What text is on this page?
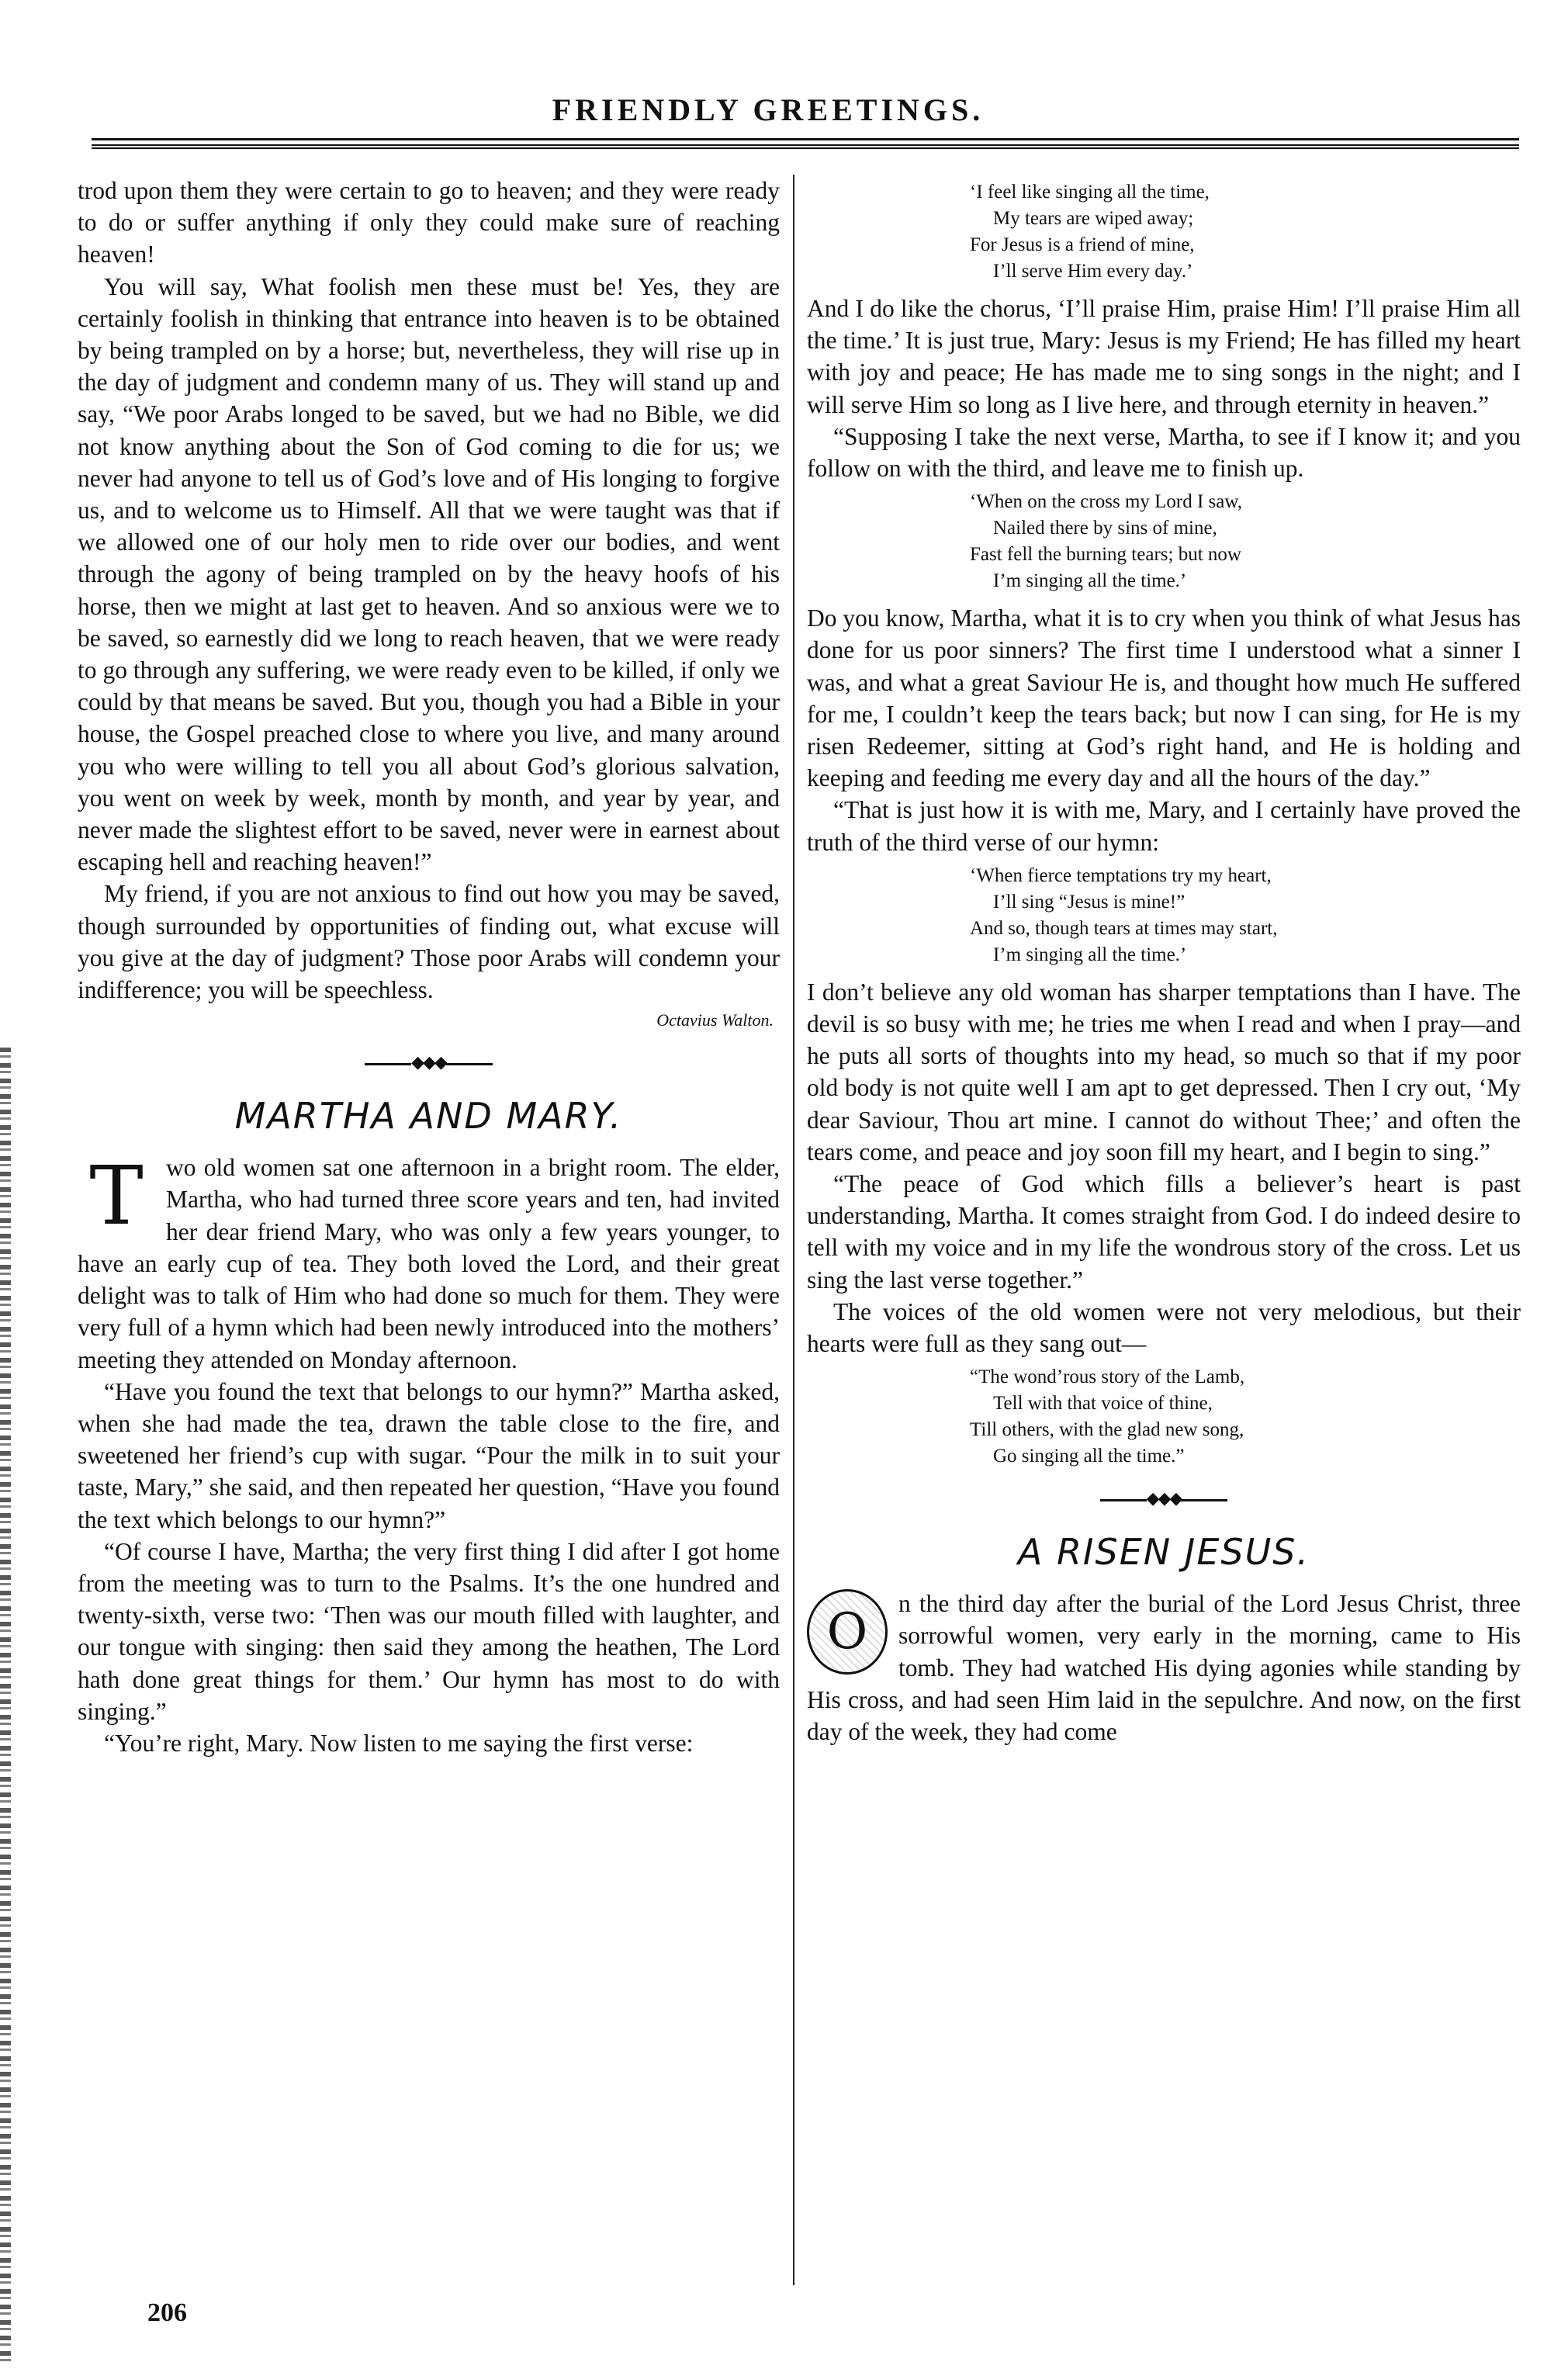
FRIENDLY GREETINGS.

trod upon them they were certain to go to heaven; and they were ready to do or suffer anything if only they could make sure of reaching heaven!

You will say, What foolish men these must be! Yes, they are certainly foolish in thinking that entrance into heaven is to be obtained by being trampled on by a horse; but, nevertheless, they will rise up in the day of judgment and condemn many of us. They will stand up and say, “We poor Arabs longed to be saved, but we had no Bible, we did not know anything about the Son of God coming to die for us; we never had anyone to tell us of God’s love and of His longing to forgive us, and to welcome us to Himself. All that we were taught was that if we allowed one of our holy men to ride over our bodies, and went through the agony of being trampled on by the heavy hoofs of his horse, then we might at last get to heaven. And so anxious were we to be saved, so earnestly did we long to reach heaven, that we were ready to go through any suffering, we were ready even to be killed, if only we could by that means be saved. But you, though you had a Bible in your house, the Gospel preached close to where you live, and many around you who were willing to tell you all about God’s glorious salvation, you went on week by week, month by month, and year by year, and never made the slightest effort to be saved, never were in earnest about escaping hell and reaching heaven!”

My friend, if you are not anxious to find out how you may be saved, though surrounded by opportunities of finding out, what excuse will you give at the day of judgment? Those poor Arabs will condemn your indifference; you will be speechless.

Octavius Walton.
◆◆◆
MARTHA AND MARY.
T wo old women sat one afternoon in a bright room. The elder, Martha, who had turned three score years and ten, had invited her dear friend Mary, who was only a few years younger, to have an early cup of tea. They both loved the Lord, and their great delight was to talk of Him who had done so much for them. They were very full of a hymn which had been newly introduced into the mothers’ meeting they attended on Monday afternoon.

“Have you found the text that belongs to our hymn?” Martha asked, when she had made the tea, drawn the table close to the fire, and sweetened her friend’s cup with sugar. “Pour the milk in to suit your taste, Mary,” she said, and then repeated her question, “Have you found the text which belongs to our hymn?”

“Of course I have, Martha; the very first thing I did after I got home from the meeting was to turn to the Psalms. It’s the one hundred and twenty-sixth, verse two: ‘Then was our mouth filled with laughter, and our tongue with singing: then said they among the heathen, The Lord hath done great things for them.’ Our hymn has most to do with singing.”

“You’re right, Mary. Now listen to me saying the first verse:

‘I feel like singing all the time,
My tears are wiped away;
For Jesus is a friend of mine,
I’ll serve Him every day.’

And I do like the chorus, ‘I’ll praise Him, praise Him! I’ll praise Him all the time.’ It is just true, Mary: Jesus is my Friend; He has filled my heart with joy and peace; He has made me to sing songs in the night; and I will serve Him so long as I live here, and through eternity in heaven.”

“Supposing I take the next verse, Martha, to see if I know it; and you follow on with the third, and leave me to finish up.

‘When on the cross my Lord I saw,
Nailed there by sins of mine,
Fast fell the burning tears; but now
I’m singing all the time.’

Do you know, Martha, what it is to cry when you think of what Jesus has done for us poor sinners? The first time I understood what a sinner I was, and what a great Saviour He is, and thought how much He suffered for me, I couldn’t keep the tears back; but now I can sing, for He is my risen Redeemer, sitting at God’s right hand, and He is holding and keeping and feeding me every day and all the hours of the day.”

“That is just how it is with me, Mary, and I certainly have proved the truth of the third verse of our hymn:

‘When fierce temptations try my heart,
I’ll sing “Jesus is mine!”
And so, though tears at times may start,
I’m singing all the time.’

I don’t believe any old woman has sharper temptations than I have. The devil is so busy with me; he tries me when I read and when I pray—and he puts all sorts of thoughts into my head, so much so that if my poor old body is not quite well I am apt to get depressed. Then I cry out, ‘My dear Saviour, Thou art mine. I cannot do without Thee;’ and often the tears come, and peace and joy soon fill my heart, and I begin to sing.”

“The peace of God which fills a believer’s heart is past understanding, Martha. It comes straight from God. I do indeed desire to tell with my voice and in my life the wondrous story of the cross. Let us sing the last verse together.”

The voices of the old women were not very melodious, but their hearts were full as they sang out—

“The wond’rous story of the Lamb,
Tell with that voice of thine,
Till others, with the glad new song,
Go singing all the time.”
◆◆◆
A RISEN JESUS.
O	n the third day after the burial of the Lord Jesus Christ, three sorrowful women, very early in the morning, came to His tomb. They had watched His dying agonies while standing by His cross, and had seen Him laid in the sepulchre. And now, on the first day of the week, they had come

206
